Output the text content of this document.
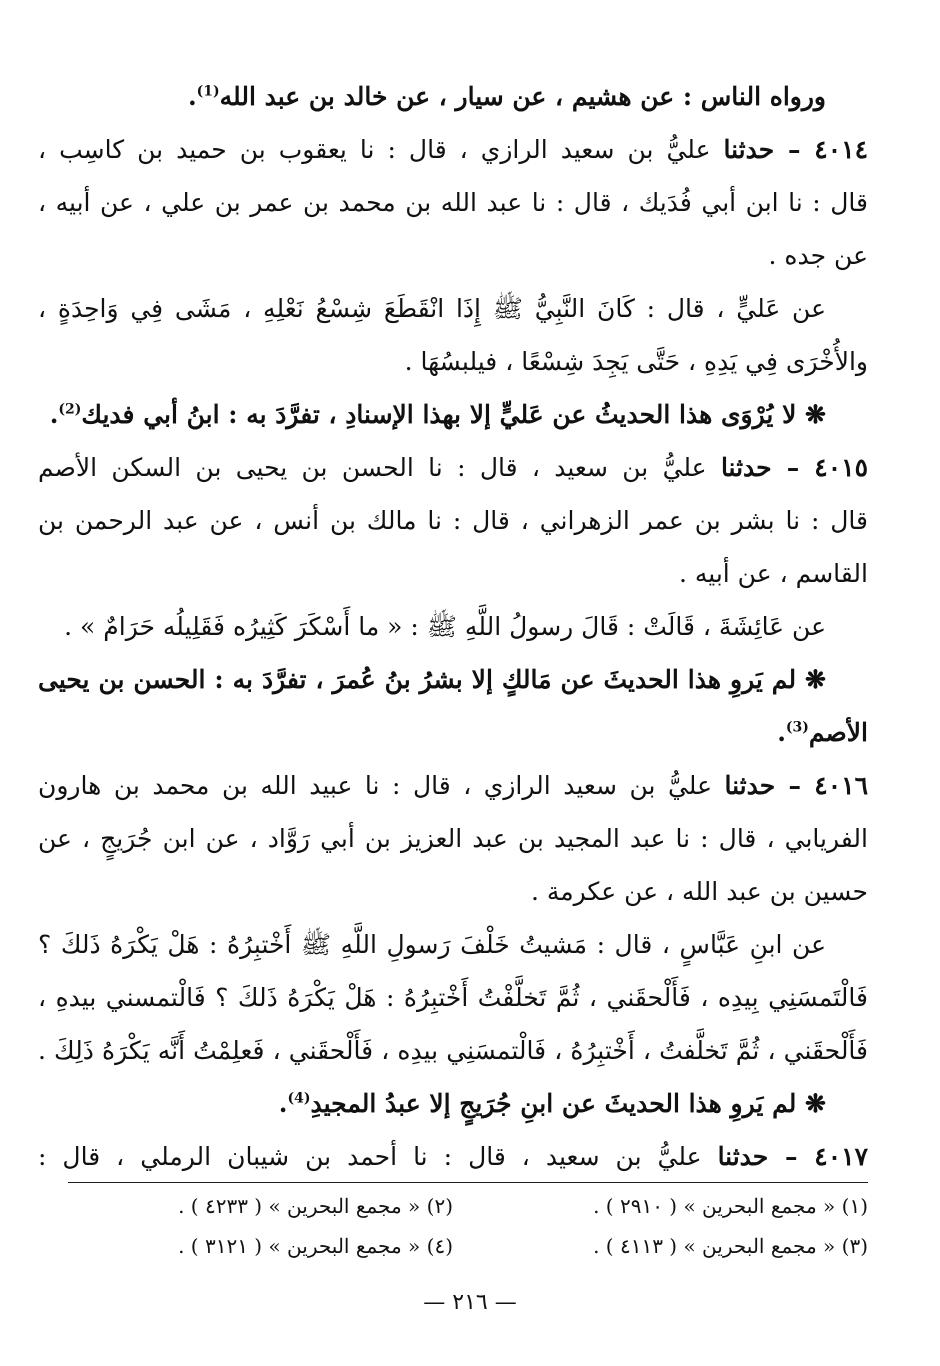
ورواه الناس : عن هشيم ، عن سيار ، عن خالد بن عبد الله$^{(1)}$.
٤٠١٤ – حدثنا عليُّ بن سعيد الرازي ، قال : نا يعقوب بن حميد بن كاسِب ،
قال : نا ابن أبي فُدَيك ، قال : نا عبد الله بن محمد بن عمر بن علي ، عن أبيه ،
عن جده .
عن عَليٍّ ، قال : كَانَ النَّبِيُّ ﷺ إِذَا انْقَطَعَ شِسْعُ نَعْلِهِ ، مَشَى فِي وَاحِدَةٍ ،
والأُخْرَى فِي يَدِهِ ، حَتَّى يَجِدَ شِسْعًا ، فيلبسُهَا .
❋ لا يُرْوَى هذا الحديثُ عن عَليٍّ إلا بهذا الإسنادِ ، تفرَّدَ به : ابنُ أبي فديك$^{(2)}$.
٤٠١٥ – حدثنا عليُّ بن سعيد ، قال : نا الحسن بن يحيى بن السكن الأصم
قال : نا بشر بن عمر الزهراني ، قال : نا مالك بن أنس ، عن عبد الرحمن بن
القاسم ، عن أبيه .
عن عَائِشَةَ ، قَالَتْ : قَالَ رسولُ اللَّهِ ﷺ : « ما أَسْكَرَ كَثِيرُه فَقَلِيلُه حَرَامٌ » .
❋ لم يَروِ هذا الحديثَ عن مَالكٍ إلا بشرُ بنُ عُمرَ ، تفرَّدَ به : الحسن بن يحيى
الأصم$^{(3)}$.
٤٠١٦ – حدثنا عليُّ بن سعيد الرازي ، قال : نا عبيد الله بن محمد بن هارون
الفريابي ، قال : نا عبد المجيد بن عبد العزيز بن أبي رَوَّاد ، عن ابن جُرَيجٍ ، عن
حسين بن عبد الله ، عن عكرمة .
عن ابنِ عَبَّاسٍ ، قال : مَشيتُ خَلْفَ رَسولِ اللَّهِ ﷺ أَخْتبِرُهُ : هَلْ يَكْرَهُ ذَلكَ ؟
فَالْتَمسَنِي بِيدِه ، فَأَلْحقَني ، ثُمَّ تَخلَّفْتُ أَخْتبِرُهُ : هَلْ يَكْرَهُ ذَلكَ ؟ فَالْتمسني بيدهِ ،
فَأَلْحقَني ، ثُمَّ تَخلَّفتُ ، أَخْتبِرُهُ ، فَالْتمسَنِي بيدِه ، فَأَلْحقَني ، فَعلِمْتُ أَنَّه يَكْرَهُ ذَلِكَ .
❋ لم يَروِ هذا الحديثَ عن ابنِ جُرَيجٍ إلا عبدُ المجيدِ$^{(4)}$.
٤٠١٧ – حدثنا عليُّ بن سعيد ، قال : نا أحمد بن شيبان الرملي ، قال :
(١) « مجمع البحرين » ( ٢٩١٠ ) .
(٢) « مجمع البحرين » ( ٤٢٣٣ ) .
(٣) « مجمع البحرين » ( ٤١١٣ ) .
(٤) « مجمع البحرين » ( ٣١٢١ ) .
— ٢١٦ —
